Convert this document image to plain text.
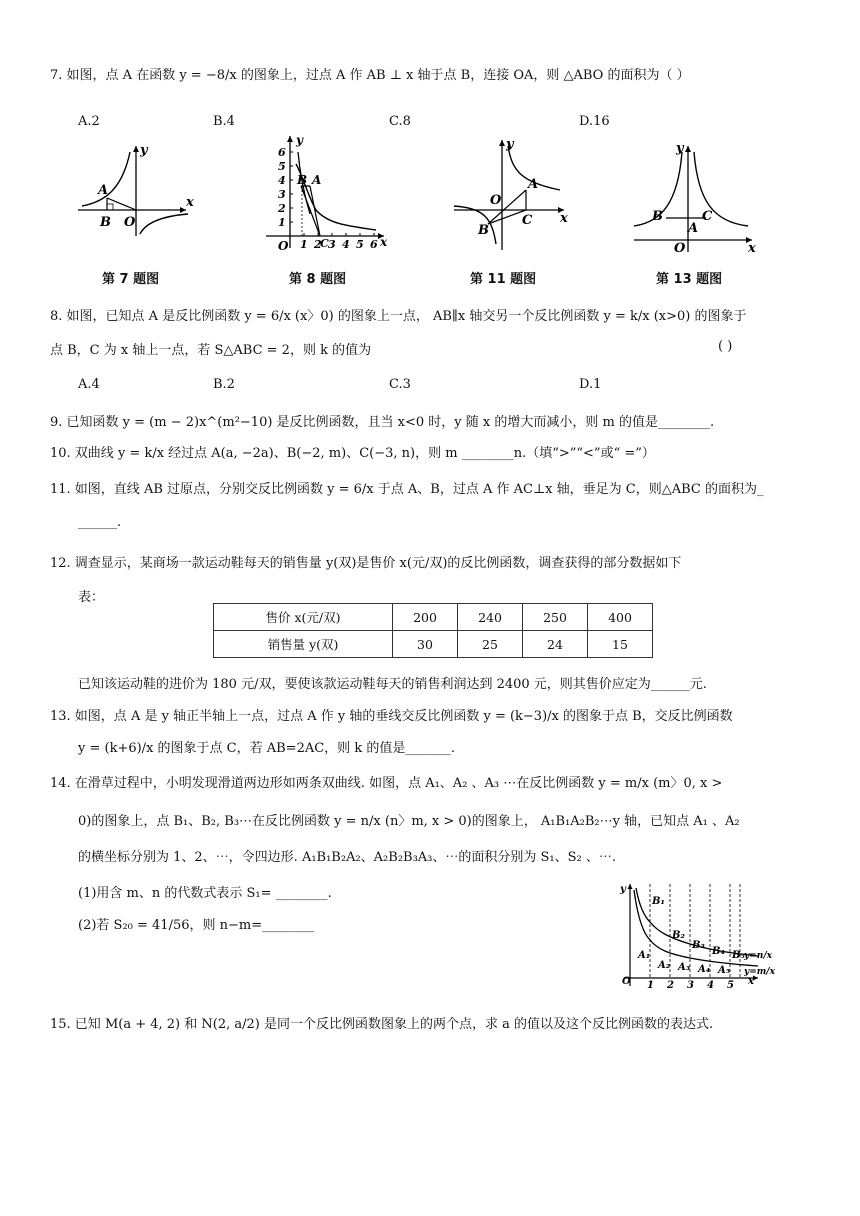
7. 如图，点 A 在函数 y = −8/x 的图象上，过点 A 作 AB ⊥ x 轴于点 B，连接 OA，则 △ABO 的面积为（ ）
A.2	B.4	C.8	D.16
y
x
A
B O	1
2
3
4
5
6
1 2 3 4 5 6
O
y
x
B A
C
y
x
A
B
C
O
y
x
B	C
A
O
第 7 题图	第 8 题图	第 11 题图	第 13 题图
8. 如图，已知点 A 是反比例函数 y = 6/x (x〉0) 的图象上一点， AB∥x 轴交另一个反比例函数 y = k/x (x>0) 的图象于
点 B，C 为 x 轴上一点，若 S△ABC = 2，则 k 的值为	( )
A.4	B.2	C.3	D.1
9. 已知函数 y = (m − 2)x^(m²−10) 是反比例函数，且当 x<0 时，y 随 x 的增大而减小，则 m 的值是________.
10. 双曲线 y = k/x 经过点 A(a, −2a)、B(−2, m)、C(−3, n)，则 m ________n.（填“>”“<”或“ =”）
11. 如图，直线 AB 过原点，分别交反比例函数 y = 6/x 于点 A、B，过点 A 作 AC⊥x 轴，垂足为 C，则△ABC 的面积为_
______.
12. 调查显示，某商场一款运动鞋每天的销售量 y(双)是售价 x(元/双)的反比例函数，调查获得的部分数据如下
表：
售价 x(元/双)	200	240	250	400
销售量 y(双)	30	25	24	15
已知该运动鞋的进价为 180 元/双，要使该款运动鞋每天的销售利润达到 2400 元，则其售价应定为______元.
13. 如图，点 A 是 y 轴正半轴上一点，过点 A 作 y 轴的垂线交反比例函数 y = (k−3)/x 的图象于点 B，交反比例函数
y = (k+6)/x 的图象于点 C，若 AB=2AC，则 k 的值是_______.
14. 在滑草过程中，小明发现滑道两边形如两条双曲线. 如图，点 A₁、A₂ 、A₃ ⋯在反比例函数 y = m/x (m〉0, x >
0)的图象上，点 B₁、B₂, B₃⋯在反比例函数 y = n/x (n〉m, x > 0)的图象上， A₁B₁A₂B₂⋯y 轴，已知点 A₁ 、A₂
的横坐标分别为 1、2、⋯，令四边形. A₁B₁B₂A₂、A₂B₂B₃A₃、⋯的面积分别为 S₁、S₂ 、⋯.
(1)用含 m、n 的代数式表示 S₁= ________.
(2)若 S₂₀ = 41/56，则 n−m=________
B₁
B₂
B₃
B₄ B₅
A₁
A₂ A₃ A₄ A₅
O
y
x
1 2 3 4 5
y=n/x
y=m/x
15. 已知 M(a + 4, 2) 和 N(2, a/2) 是同一个反比例函数图象上的两个点，求 a 的值以及这个反比例函数的表达式.
